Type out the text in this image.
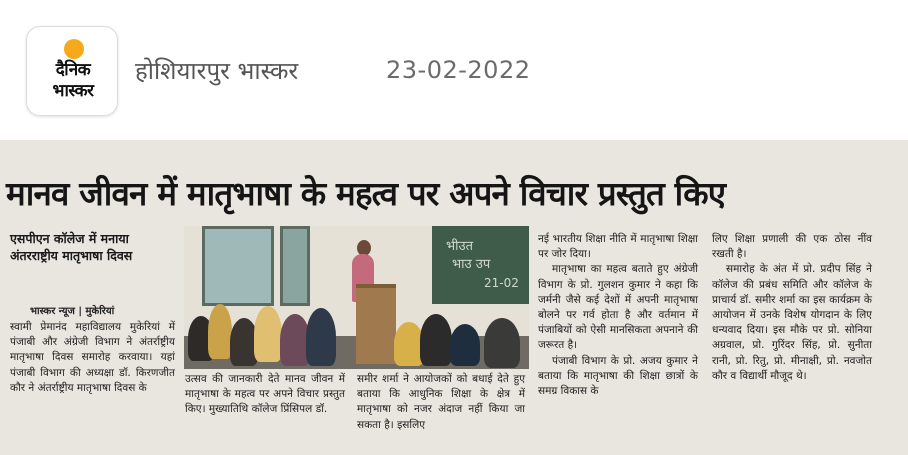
दैनिक
भास्कर
होशियारपुर भास्कर	23-02-2022
मानव जीवन में मातृभाषा के महत्व पर अपने विचार प्रस्तुत किए
एसपीएन कॉलेज में मनाया अंतरराष्ट्रीय मातृभाषा दिवस
भास्कर न्यूज | मुकेरियां

स्वामी प्रेमानंद महाविद्यालय मुकेरियां में पंजाबी और अंग्रेजी विभाग ने अंतर्राष्ट्रीय मातृभाषा दिवस समारोह करवाया। यहां पंजाबी विभाग की अध्यक्षा डॉ. किरणजीत कौर ने अंतर्राष्ट्रीय मातृभाषा दिवस के

भीउत
भाउ उप
21-02

उत्सव की जानकारी देते मानव जीवन में मातृभाषा के महत्व पर अपने विचार प्रस्तुत किए। मुख्यातिथि कॉलेज प्रिंसिपल डॉ.

समीर शर्मा ने आयोजकों को बधाई देते हुए बताया कि आधुनिक शिक्षा के क्षेत्र में मातृभाषा को नजर अंदाज नहीं किया जा सकता है। इसलिए

नई भारतीय शिक्षा नीति में मातृभाषा शिक्षा पर जोर दिया।

मातृभाषा का महत्व बताते हुए अंग्रेजी विभाग के प्रो. गुलशन कुमार ने कहा कि जर्मनी जैसे कई देशों में अपनी मातृभाषा बोलने पर गर्व होता है और वर्तमान में पंजाबियों को ऐसी मानसिकता अपनाने की जरूरत है।

पंजाबी विभाग के प्रो. अजय कुमार ने बताया कि मातृभाषा की शिक्षा छात्रों के समग्र विकास के

लिए शिक्षा प्रणाली की एक ठोस नींव रखती है।

समारोह के अंत में प्रो. प्रदीप सिंह ने कॉलेज की प्रबंध समिति और कॉलेज के प्राचार्य डॉ. समीर शर्मा का इस कार्यक्रम के आयोजन में उनके विशेष योगदान के लिए धन्यवाद दिया। इस मौके पर प्रो. सोनिया अग्रवाल, प्रो. गुरिंदर सिंह, प्रो. सुनीता रानी, प्रो. रितु, प्रो. मीनाक्षी, प्रो. नवजोत कौर व विद्यार्थी मौजूद थे।
